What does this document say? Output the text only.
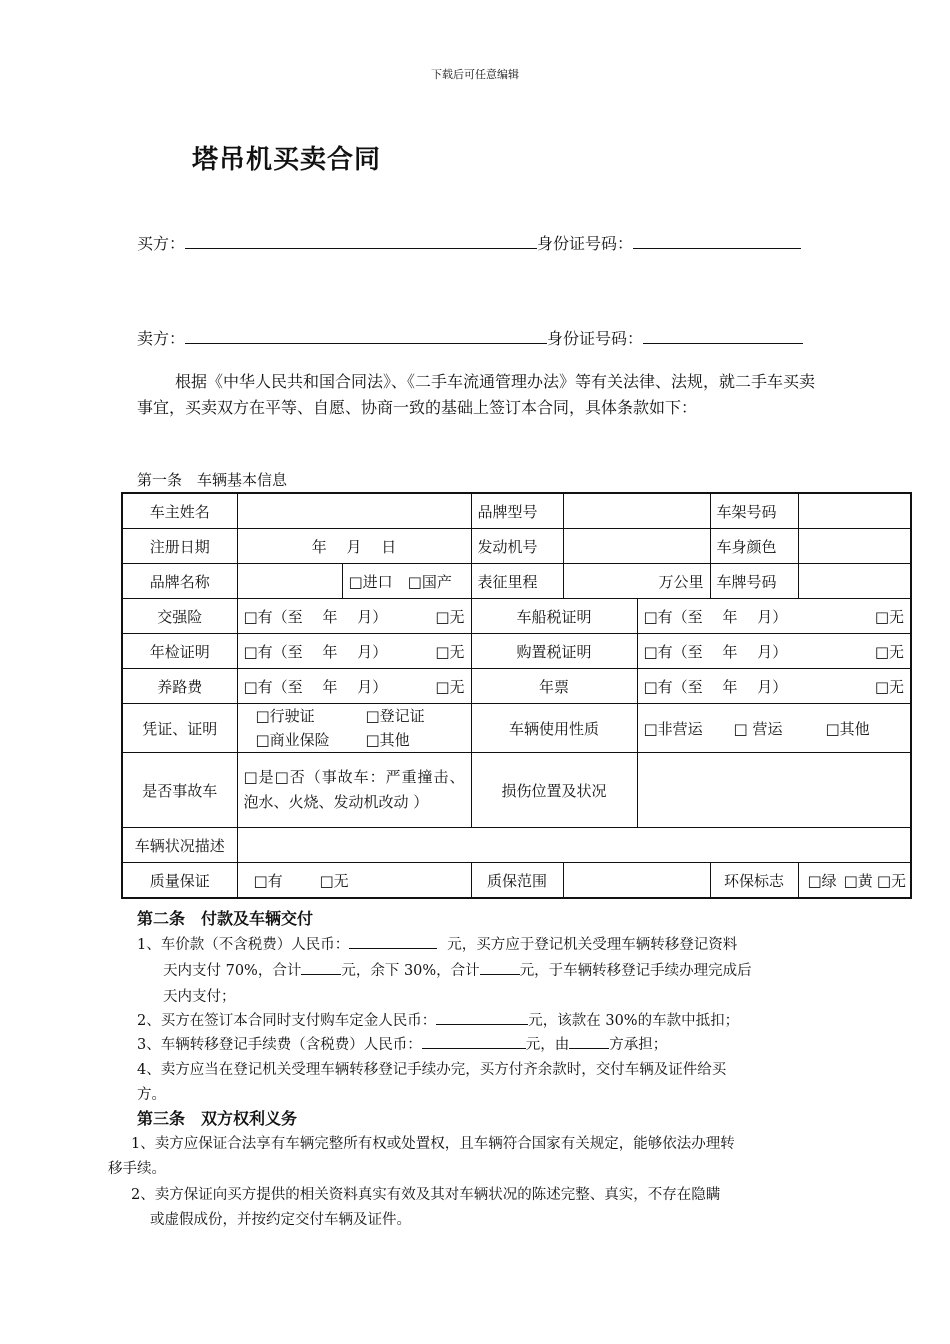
下载后可任意编辑
塔吊机买卖合同
买方：	身份证号码：
卖方：	身份证号码：
根据《中华人民共和国合同法》、《二手车流通管理办法》等有关法律、法规，就二手车买卖事宜，买卖双方在平等、自愿、协商一致的基础上签订本合同，具体条款如下：
第一条　车辆基本信息
车主姓名			品牌型号			车架号码	
注册日期	年　 月　 日		发动机号			车身颜色	
品牌名称		□进口　□国产	表征里程	万公里		车牌号码	
交强险	□有（至　 年　 月） □无		车船税证明		□有（至　 年　 月） □无		

年检证明	□有（至　 年　 月） □无		购置税证明		□有（至　 年　 月） □无		

养路费	□有（至　 年　 月） □无		年票		□有（至　 年　 月） □无		

凭证、证明	□行驶证 □登记证
□商业保险 □其他		车辆使用性质		□非营运 □ 营运 □其他		
是否事故车	□是□否（事故车：严重撞击、泡水、火烧、发动机改动 ）		损伤位置及状况				
车辆状况描述							
质量保证	□有 □无		质保范围			环保标志	□绿 □黄 □无
第二条　付款及车辆交付
1、车价款（不含税费）人民币：	元，买方应于登记机关受理车辆转移登记资料
天内支付 70%，合计	元，余下 30%，合计	元，于车辆转移登记手续办理完成后
天内支付；
2、买方在签订本合同时支付购车定金人民币：	元，该款在 30%的车款中抵扣；
3、车辆转移登记手续费（含税费）人民币：	元，由	方承担；
4、卖方应当在登记机关受理车辆转移登记手续办完，买方付齐余款时，交付车辆及证件给买
方。
第三条　双方权利义务
1、卖方应保证合法享有车辆完整所有权或处置权，且车辆符合国家有关规定，能够依法办理转
移手续。
2、卖方保证向买方提供的相关资料真实有效及其对车辆状况的陈述完整、真实，不存在隐瞒
或虚假成份，并按约定交付车辆及证件。
